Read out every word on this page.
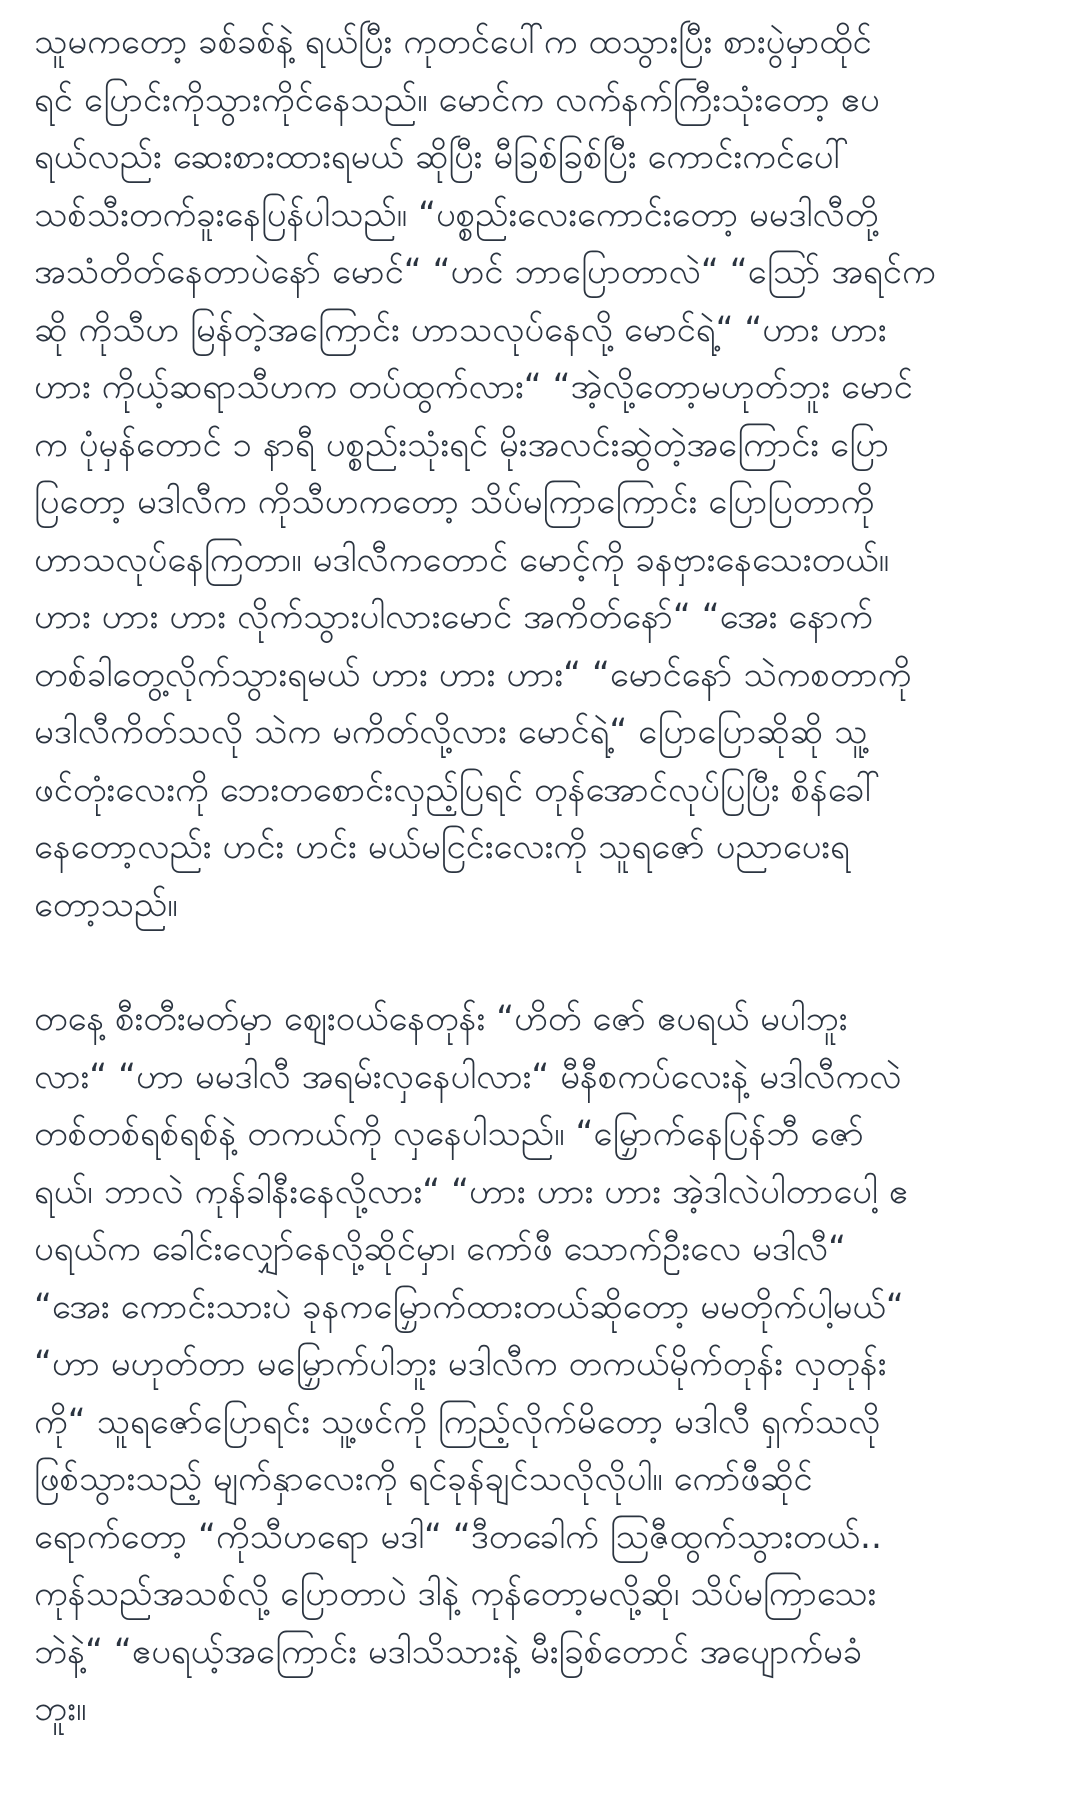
သူမကတော့ ခစ်ခစ်နဲ့ ရယ်ပြီး ကုတင်ပေါ်က ထသွားပြီး စားပွဲမှာထိုင်
ရင် ပြောင်းကိုသွားကိုင်နေသည်။ မောင်က လက်နက်ကြီးသုံးတော့ ဧပ
ရယ်လည်း ဆေးစားထားရမယ် ဆိုပြီး မီခြစ်ခြစ်ပြီး ကောင်းကင်ပေါ်
သစ်သီးတက်ခူးနေပြန်ပါသည်။ “ပစ္စည်းလေးကောင်းတော့ မမဒါလီတို့
အသံတိတ်နေတာပဲနော် မောင်“ “ဟင် ဘာပြောတာလဲ“ “သြော် အရင်က
ဆို ကိုသီဟ မြန်တဲ့အကြောင်း ဟာသလုပ်နေလို့ မောင်ရဲ့“ “ဟား ဟား
ဟား ကိုယ့်ဆရာသီဟက တပ်ထွက်လား“ “အဲ့လို့တော့မဟုတ်ဘူး မောင်
က ပုံမှန်တောင် ၁ နာရီ ပစ္စည်းသုံးရင် မိုးအလင်းဆွဲတဲ့အကြောင်း ပြော
ပြတော့ မဒါလီက ကိုသီဟကတော့ သိပ်မကြာကြောင်း ပြောပြတာကို
ဟာသလုပ်နေကြတာ။ မဒါလီကတောင် မောင့်ကို ခနဗှားနေသေးတယ်။
ဟား ဟား ဟား လိုက်သွားပါလားမောင် အကိတ်နော်“ “အေး နောက်
တစ်ခါတွေ့လိုက်သွားရမယ် ဟား ဟား ဟား“ “မောင်နော် သဲကစတာကို
မဒါလီကိတ်သလို သဲက မကိတ်လို့လား မောင်ရဲ့“ ပြောပြောဆိုဆို သူ့
ဖင်တုံးလေးကို ဘေးတစောင်းလှည့်ပြရင် တုန်အောင်လုပ်ပြပြီး စိန်ခေါ်
နေတော့လည်း ဟင်း ဟင်း မယ်မငြင်းလေးကို သူရဇော် ပညာပေးရ
တော့သည်။

တနေ့ စီးတီးမတ်မှာ ဈေးဝယ်နေတုန်း “ဟိတ် ဇော် ဧပရယ် မပါဘူး
လား“ “ဟာ မမဒါလီ အရမ်းလှနေပါလား“ မီနီစကပ်လေးနဲ့ မဒါလီကလဲ
တစ်တစ်ရစ်ရစ်နဲ့ တကယ်ကို လှနေပါသည်။ “မြှောက်နေပြန်ဘီ ဇော်
ရယ်၊ ဘာလဲ ကုန်ခါနီးနေလို့လား“ “ဟား ဟား ဟား အဲ့ဒါလဲပါတာပေါ့ ဧ
ပရယ်က ခေါင်းလျှော်နေလို့ဆိုင်မှာ၊ ကော်ဖီ သောက်ဦးလေ မဒါလီ“
“အေး ကောင်းသားပဲ ခုနကမြှောက်ထားတယ်ဆိုတော့ မမတိုက်ပါ့မယ်“
“ဟာ မဟုတ်တာ မမြှောက်ပါဘူး မဒါလီက တကယ်မိုက်တုန်း လှတုန်း
ကို“ သူရဇော်ပြောရင်း သူ့ဖင်ကို ကြည့်လိုက်မိတော့ မဒါလီ ရှက်သလို
ဖြစ်သွားသည့် မျက်နှာလေးကို ရင်ခုန်ချင်သလိုလိုပါ။ ကော်ဖီဆိုင်
ရောက်တော့ “ကိုသီဟရော မဒါ“ “ဒီတခေါက် ဩဇီထွက်သွားတယ်..
ကုန်သည်အသစ်လို့ ပြောတာပဲ ဒါနဲ့ ကုန်တော့မလို့ဆို၊ သိပ်မကြာသေး
ဘဲနဲ့“ “ဧပရယ့်အကြောင်း မဒါသိသားနဲ့ မီးခြစ်တောင် အပျောက်မခံ
ဘူး။
